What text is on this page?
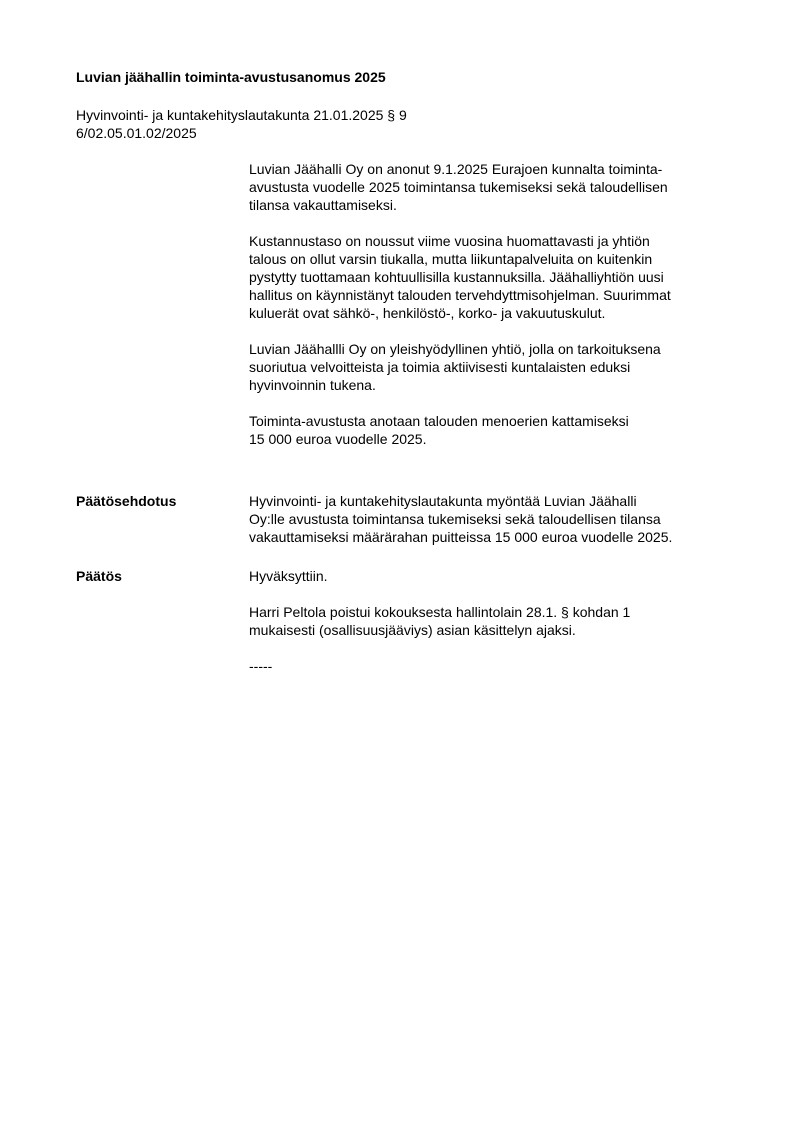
Luvian jäähallin toiminta-avustusanomus 2025
Hyvinvointi- ja kuntakehityslautakunta 21.01.2025 § 9
6/02.05.01.02/2025

Luvian Jäähalli Oy on anonut 9.1.2025 Eurajoen kunnalta toiminta-
avustusta vuodelle 2025 toimintansa tukemiseksi sekä taloudellisen
tilansa vakauttamiseksi.

Kustannustaso on noussut viime vuosina huomattavasti ja yhtiön
talous on ollut varsin tiukalla, mutta liikuntapalveluita on kuitenkin
pystytty tuottamaan kohtuullisilla kustannuksilla. Jäähalliyhtiön uusi
hallitus on käynnistänyt talouden tervehdyttmisohjelman. Suurimmat
kuluerät ovat sähkö-, henkilöstö-, korko- ja vakuutuskulut.

Luvian Jäähallli Oy on yleishyödyllinen yhtiö, jolla on tarkoituksena
suoriutua velvoitteista ja toimia aktiivisesti kuntalaisten eduksi
hyvinvoinnin tukena.

Toiminta-avustusta anotaan talouden menoerien kattamiseksi
15 000 euroa vuodelle 2025.

Päätösehdotus	Hyvinvointi- ja kuntakehityslautakunta myöntää Luvian Jäähalli
Oy:lle avustusta toimintansa tukemiseksi sekä taloudellisen tilansa
vakauttamiseksi määrärahan puitteissa 15 000 euroa vuodelle 2025.
Päätös	Hyväksyttiin.
Harri Peltola poistui kokouksesta hallintolain 28.1. § kohdan 1
mukaisesti (osallisuusjääviys) asian käsittelyn ajaksi.
-----
